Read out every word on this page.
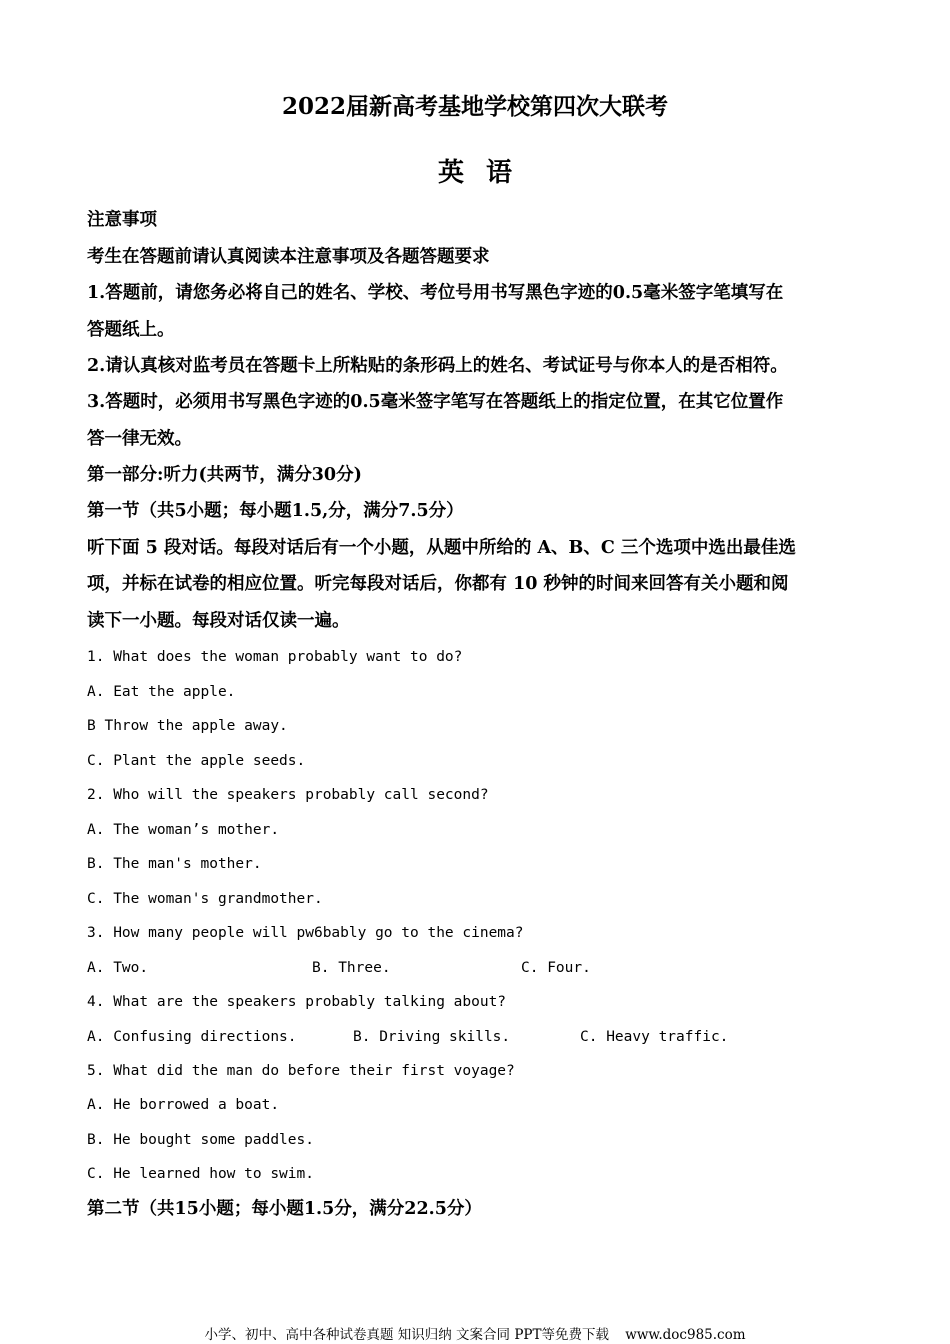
2022届新高考基地学校第四次大联考
英语
注意事项
考生在答题前请认真阅读本注意事项及各题答题要求
1.答题前，请您务必将自己的姓名、学校、考位号用书写黑色字迹的0.5毫米签字笔填写在
答题纸上。
2.请认真核对监考员在答题卡上所粘贴的条形码上的姓名、考试证号与你本人的是否相符。
3.答题时，必须用书写黑色字迹的0.5毫米签字笔写在答题纸上的指定位置，在其它位置作
答一律无效。
第一部分:听力(共两节，满分30分)
第一节（共5小题；每小题1.5,分，满分7.5分）
听下面 5 段对话。每段对话后有一个小题，从题中所给的 A、B、C 三个选项中选出最佳选
项，并标在试卷的相应位置。听完每段对话后，你都有 10 秒钟的时间来回答有关小题和阅
读下一小题。每段对话仅读一遍。
1. What does the woman probably want to do?
A. Eat the apple.
B Throw the apple away.
C. Plant the apple seeds.
2. Who will the speakers probably call second?
A. The woman’s mother.
B. The man's mother.
C. The woman's grandmother.
3. How many people will pw6bably go to the cinema?
A. Two.	B. Three.	C. Four.
4. What are the speakers probably talking about?
A. Confusing directions.	B. Driving skills.	C. Heavy traffic.
5. What did the man do before their first voyage?
A. He borrowed a boat.
B. He bought some paddles.
C. He learned how to swim.
第二节（共15小题；每小题1.5分，满分22.5分）
小学、初中、高中各种试卷真题 知识归纳 文案合同 PPT等免费下载 www.doc985.com
